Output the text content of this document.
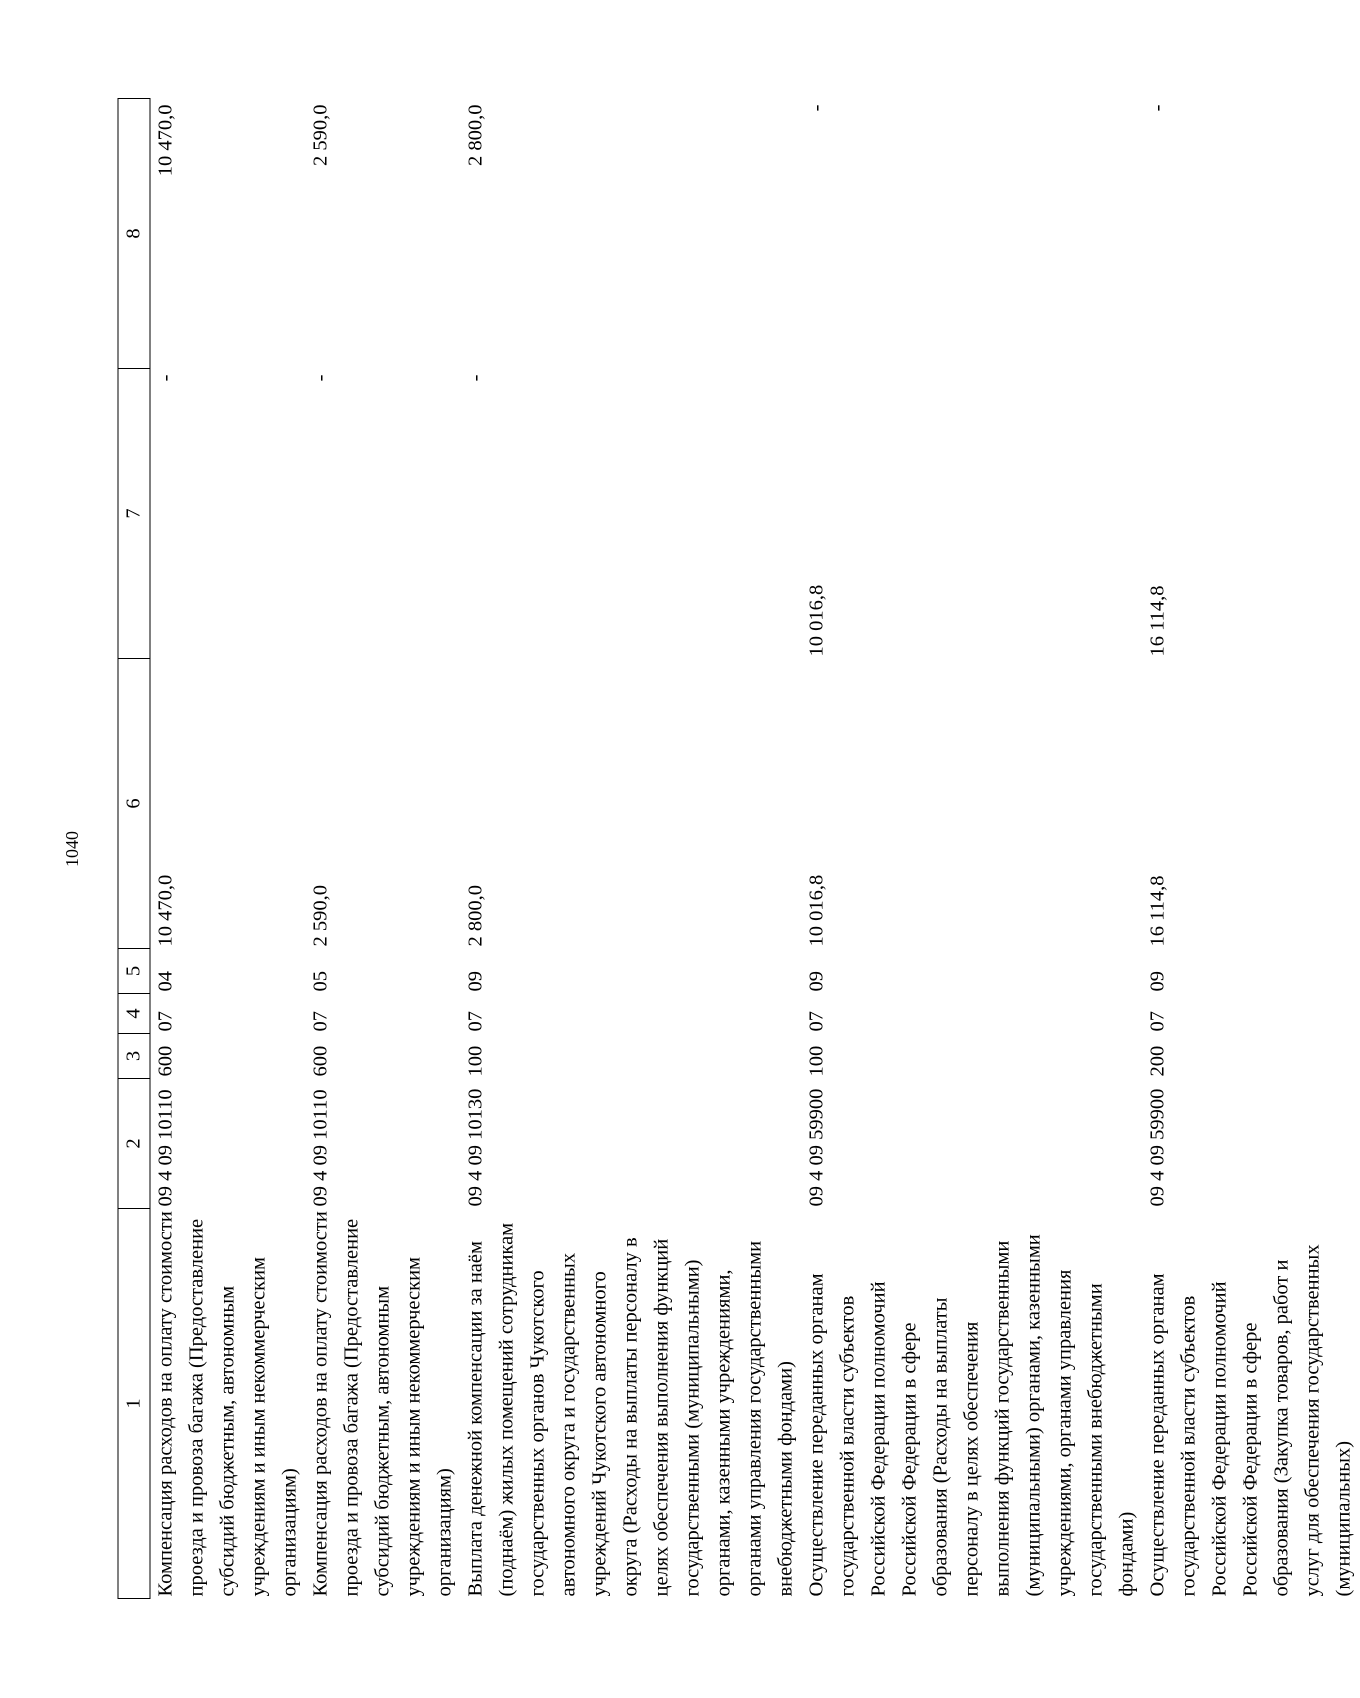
1040
1	2	3	4	5	6	7	8
Компенсация расходов на оплату стоимости проезда и провоза багажа (Предоставление субсидий бюджетным, автономным учреждениям и иным некоммерческим организациям)	09 4 09 10110	600	07	04	10 470,0	-	10 470,0
Компенсация расходов на оплату стоимости проезда и провоза багажа (Предоставление субсидий бюджетным, автономным учреждениям и иным некоммерческим организациям)	09 4 09 10110	600	07	05	2 590,0	-	2 590,0
Выплата денежной компенсации за наём (поднаём) жилых помещений сотрудникам государственных органов Чукотского автономного округа и государственных учреждений Чукотского автономного округа (Расходы на выплаты персоналу в целях обеспечения выполнения функций государственными (муниципальными) органами, казенными учреждениями, органами управления государственными внебюджетными фондами)	09 4 09 10130	100	07	09	2 800,0	-	2 800,0
Осуществление переданных органам государственной власти субъектов Российской Федерации полномочий Российской Федерации в сфере образования (Расходы на выплаты персоналу в целях обеспечения выполнения функций государственными (муниципальными) органами, казенными учреждениями, органами управления государственными внебюджетными фондами)	09 4 09 59900	100	07	09	10 016,8	10 016,8	-
Осуществление переданных органам государственной власти субъектов Российской Федерации полномочий Российской Федерации в сфере образования (Закупка товаров, работ и услуг для обеспечения государственных (муниципальных)	09 4 09 59900	200	07	09	16 114,8	16 114,8	-
